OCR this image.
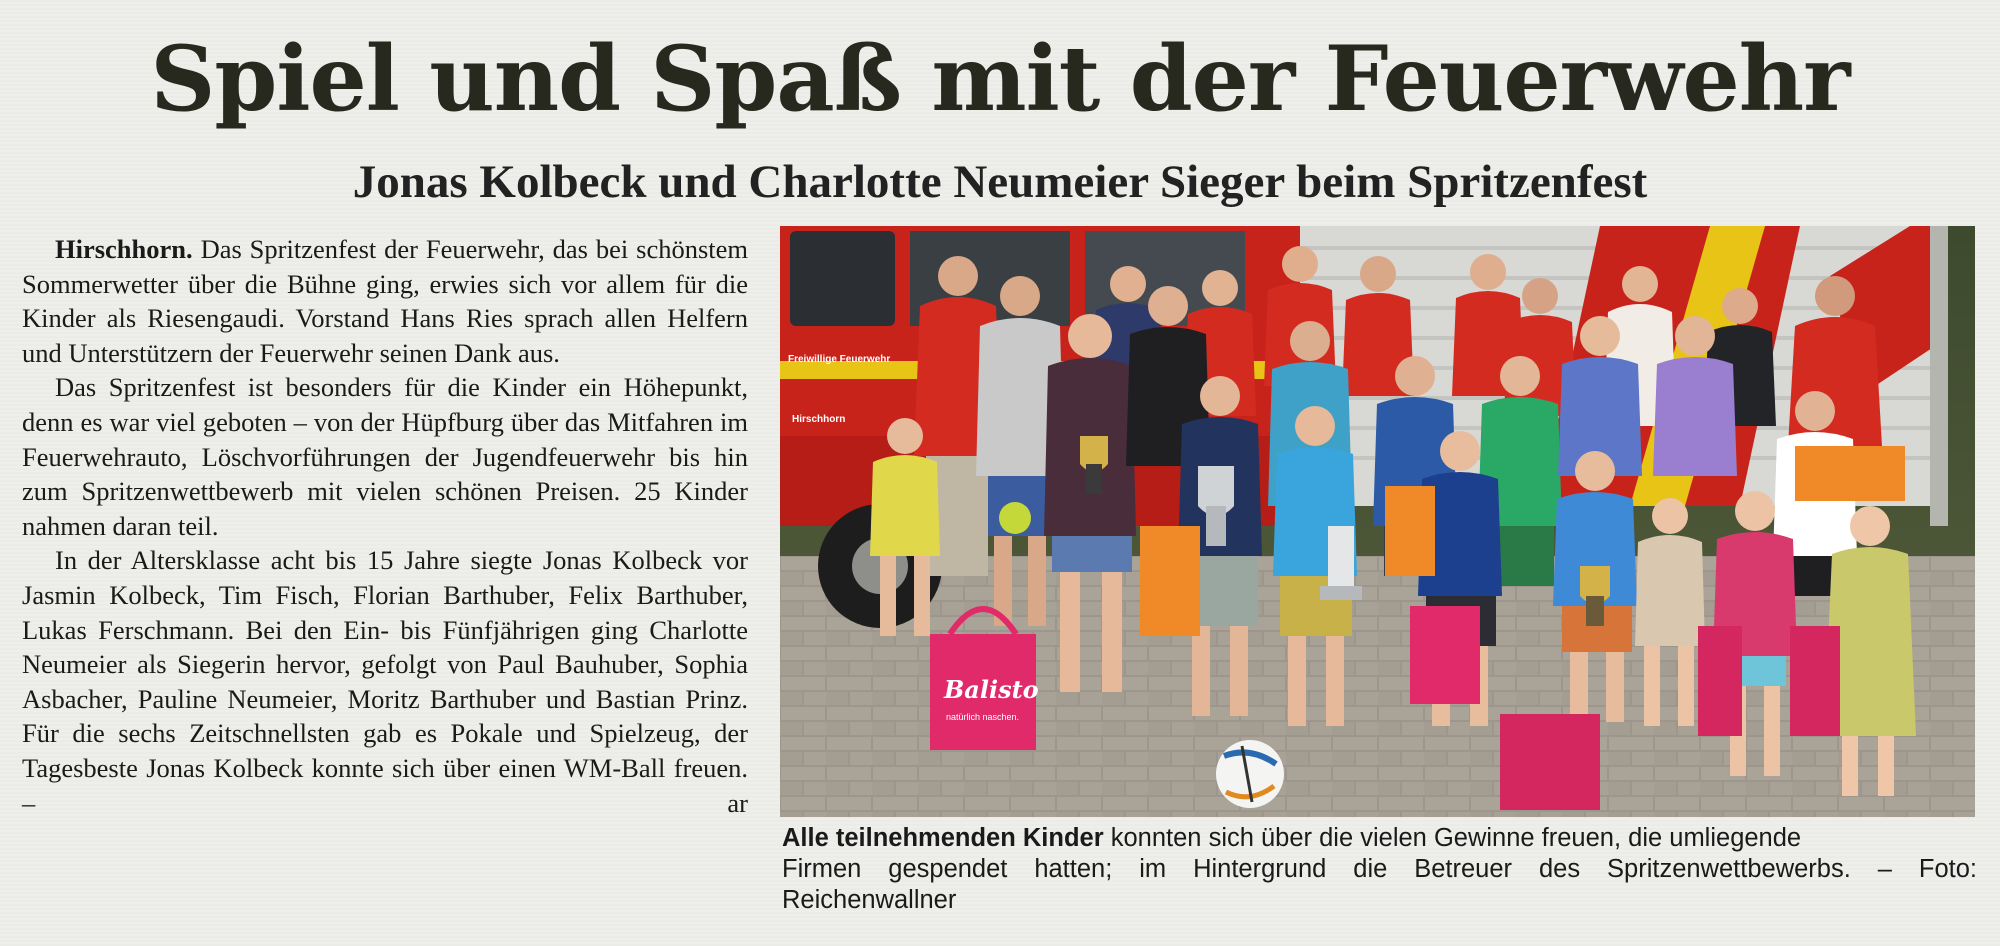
Spiel und Spaß mit der Feuerwehr
Jonas Kolbeck und Charlotte Neumeier Sieger beim Spritzenfest

Hirschhorn. Das Spritzenfest der Feuerwehr, das bei schönstem Sommerwetter über die Bühne ging, erwies sich vor allem für die Kinder als Riesengaudi. Vorstand Hans Ries sprach allen Helfern und Unterstützern der Feuerwehr seinen Dank aus.

Das Spritzenfest ist besonders für die Kinder ein Höhepunkt, denn es war viel geboten – von der Hüpfburg über das Mitfahren im Feuerwehrauto, Löschvorführungen der Jugendfeuerwehr bis hin zum Spritzenwettbewerb mit vielen schönen Preisen. 25 Kinder nahmen daran teil.

In der Altersklasse acht bis 15 Jahre siegte Jonas Kolbeck vor Jasmin Kolbeck, Tim Fisch, Florian Barthuber, Felix Barthuber, Lukas Ferschmann. Bei den Ein- bis Fünfjährigen ging Charlotte Neumeier als Siegerin hervor, gefolgt von Paul Bauhuber, Sophia Asbacher, Pauline Neumeier, Moritz Barthuber und Bastian Prinz. Für die sechs Zeitschnellsten gab es Pokale und Spielzeug, der Tagesbeste Jonas Kolbeck konnte sich über einen WM-Ball freuen. – ar

Freiwillige Feuerwehr
Hirschhorn
Balisto
natürlich naschen.
Alle teilnehmenden Kinder konnten sich über die vielen Gewinne freuen, die umliegende
Firmen gespendet hatten; im Hintergrund die Betreuer des Spritzenwettbewerbs. – Foto:
Reichenwallner
